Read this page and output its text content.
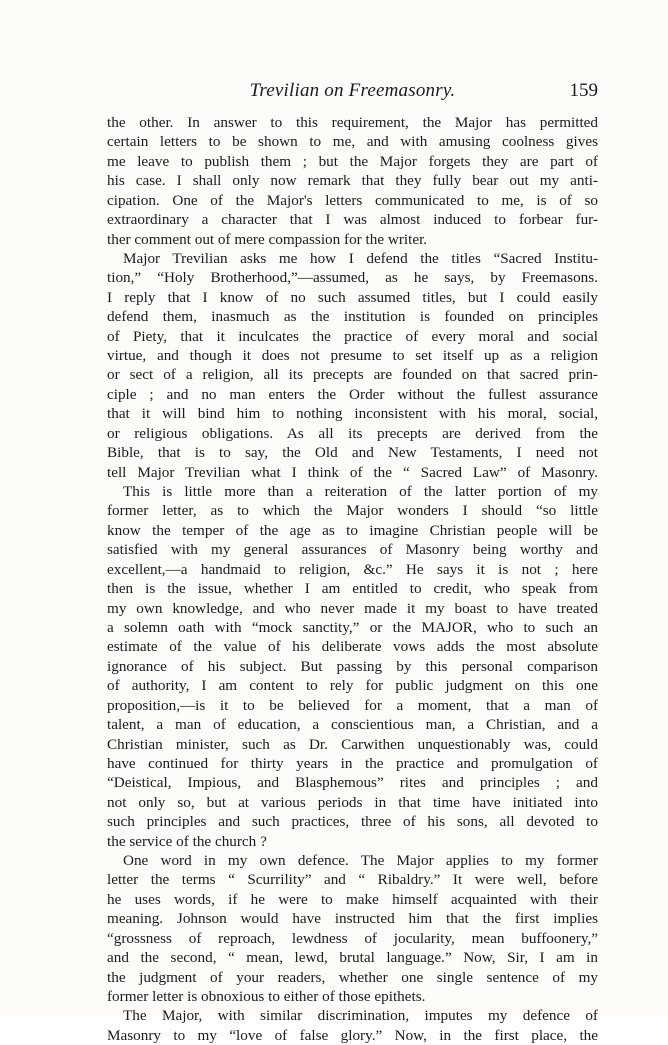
Trevilian on Freemasonry.	159
the other. In answer to this requirement, the Major has permitted
certain letters to be shown to me, and with amusing coolness gives
me leave to publish them ; but the Major forgets they are part of
his case. I shall only now remark that they fully bear out my anti-
cipation. One of the Major's letters communicated to me, is of so
extraordinary a character that I was almost induced to forbear fur-
ther comment out of mere compassion for the writer.
Major Trevilian asks me how I defend the titles “Sacred Institu-
tion,” “Holy Brotherhood,”—assumed, as he says, by Freemasons.
I reply that I know of no such assumed titles, but I could easily
defend them, inasmuch as the institution is founded on principles
of Piety, that it inculcates the practice of every moral and social
virtue, and though it does not presume to set itself up as a religion
or sect of a religion, all its precepts are founded on that sacred prin-
ciple ; and no man enters the Order without the fullest assurance
that it will bind him to nothing inconsistent with his moral, social,
or religious obligations. As all its precepts are derived from the
Bible, that is to say, the Old and New Testaments, I need not
tell Major Trevilian what I think of the “ Sacred Law” of Masonry.
This is little more than a reiteration of the latter portion of my
former letter, as to which the Major wonders I should “so little
know the temper of the age as to imagine Christian people will be
satisfied with my general assurances of Masonry being worthy and
excellent,—a handmaid to religion, &c.” He says it is not ; here
then is the issue, whether I am entitled to credit, who speak from
my own knowledge, and who never made it my boast to have treated
a solemn oath with “mock sanctity,” or the MAJOR, who to such an
estimate of the value of his deliberate vows adds the most absolute
ignorance of his subject. But passing by this personal comparison
of authority, I am content to rely for public judgment on this one
proposition,—is it to be believed for a moment, that a man of
talent, a man of education, a conscientious man, a Christian, and a
Christian minister, such as Dr. Carwithen unquestionably was, could
have continued for thirty years in the practice and promulgation of
“Deistical, Impious, and Blasphemous” rites and principles ; and
not only so, but at various periods in that time have initiated into
such principles and such practices, three of his sons, all devoted to
the service of the church ?
One word in my own defence. The Major applies to my former
letter the terms “ Scurrility” and “ Ribaldry.” It were well, before
he uses words, if he were to make himself acquainted with their
meaning. Johnson would have instructed him that the first implies
“grossness of reproach, lewdness of jocularity, mean buffoonery,”
and the second, “ mean, lewd, brutal language.” Now, Sir, I am in
the judgment of your readers, whether one single sentence of my
former letter is obnoxious to either of those epithets.
The Major, with similar discrimination, imputes my defence of
Masonry to my “love of false glory.” Now, in the first place, the
